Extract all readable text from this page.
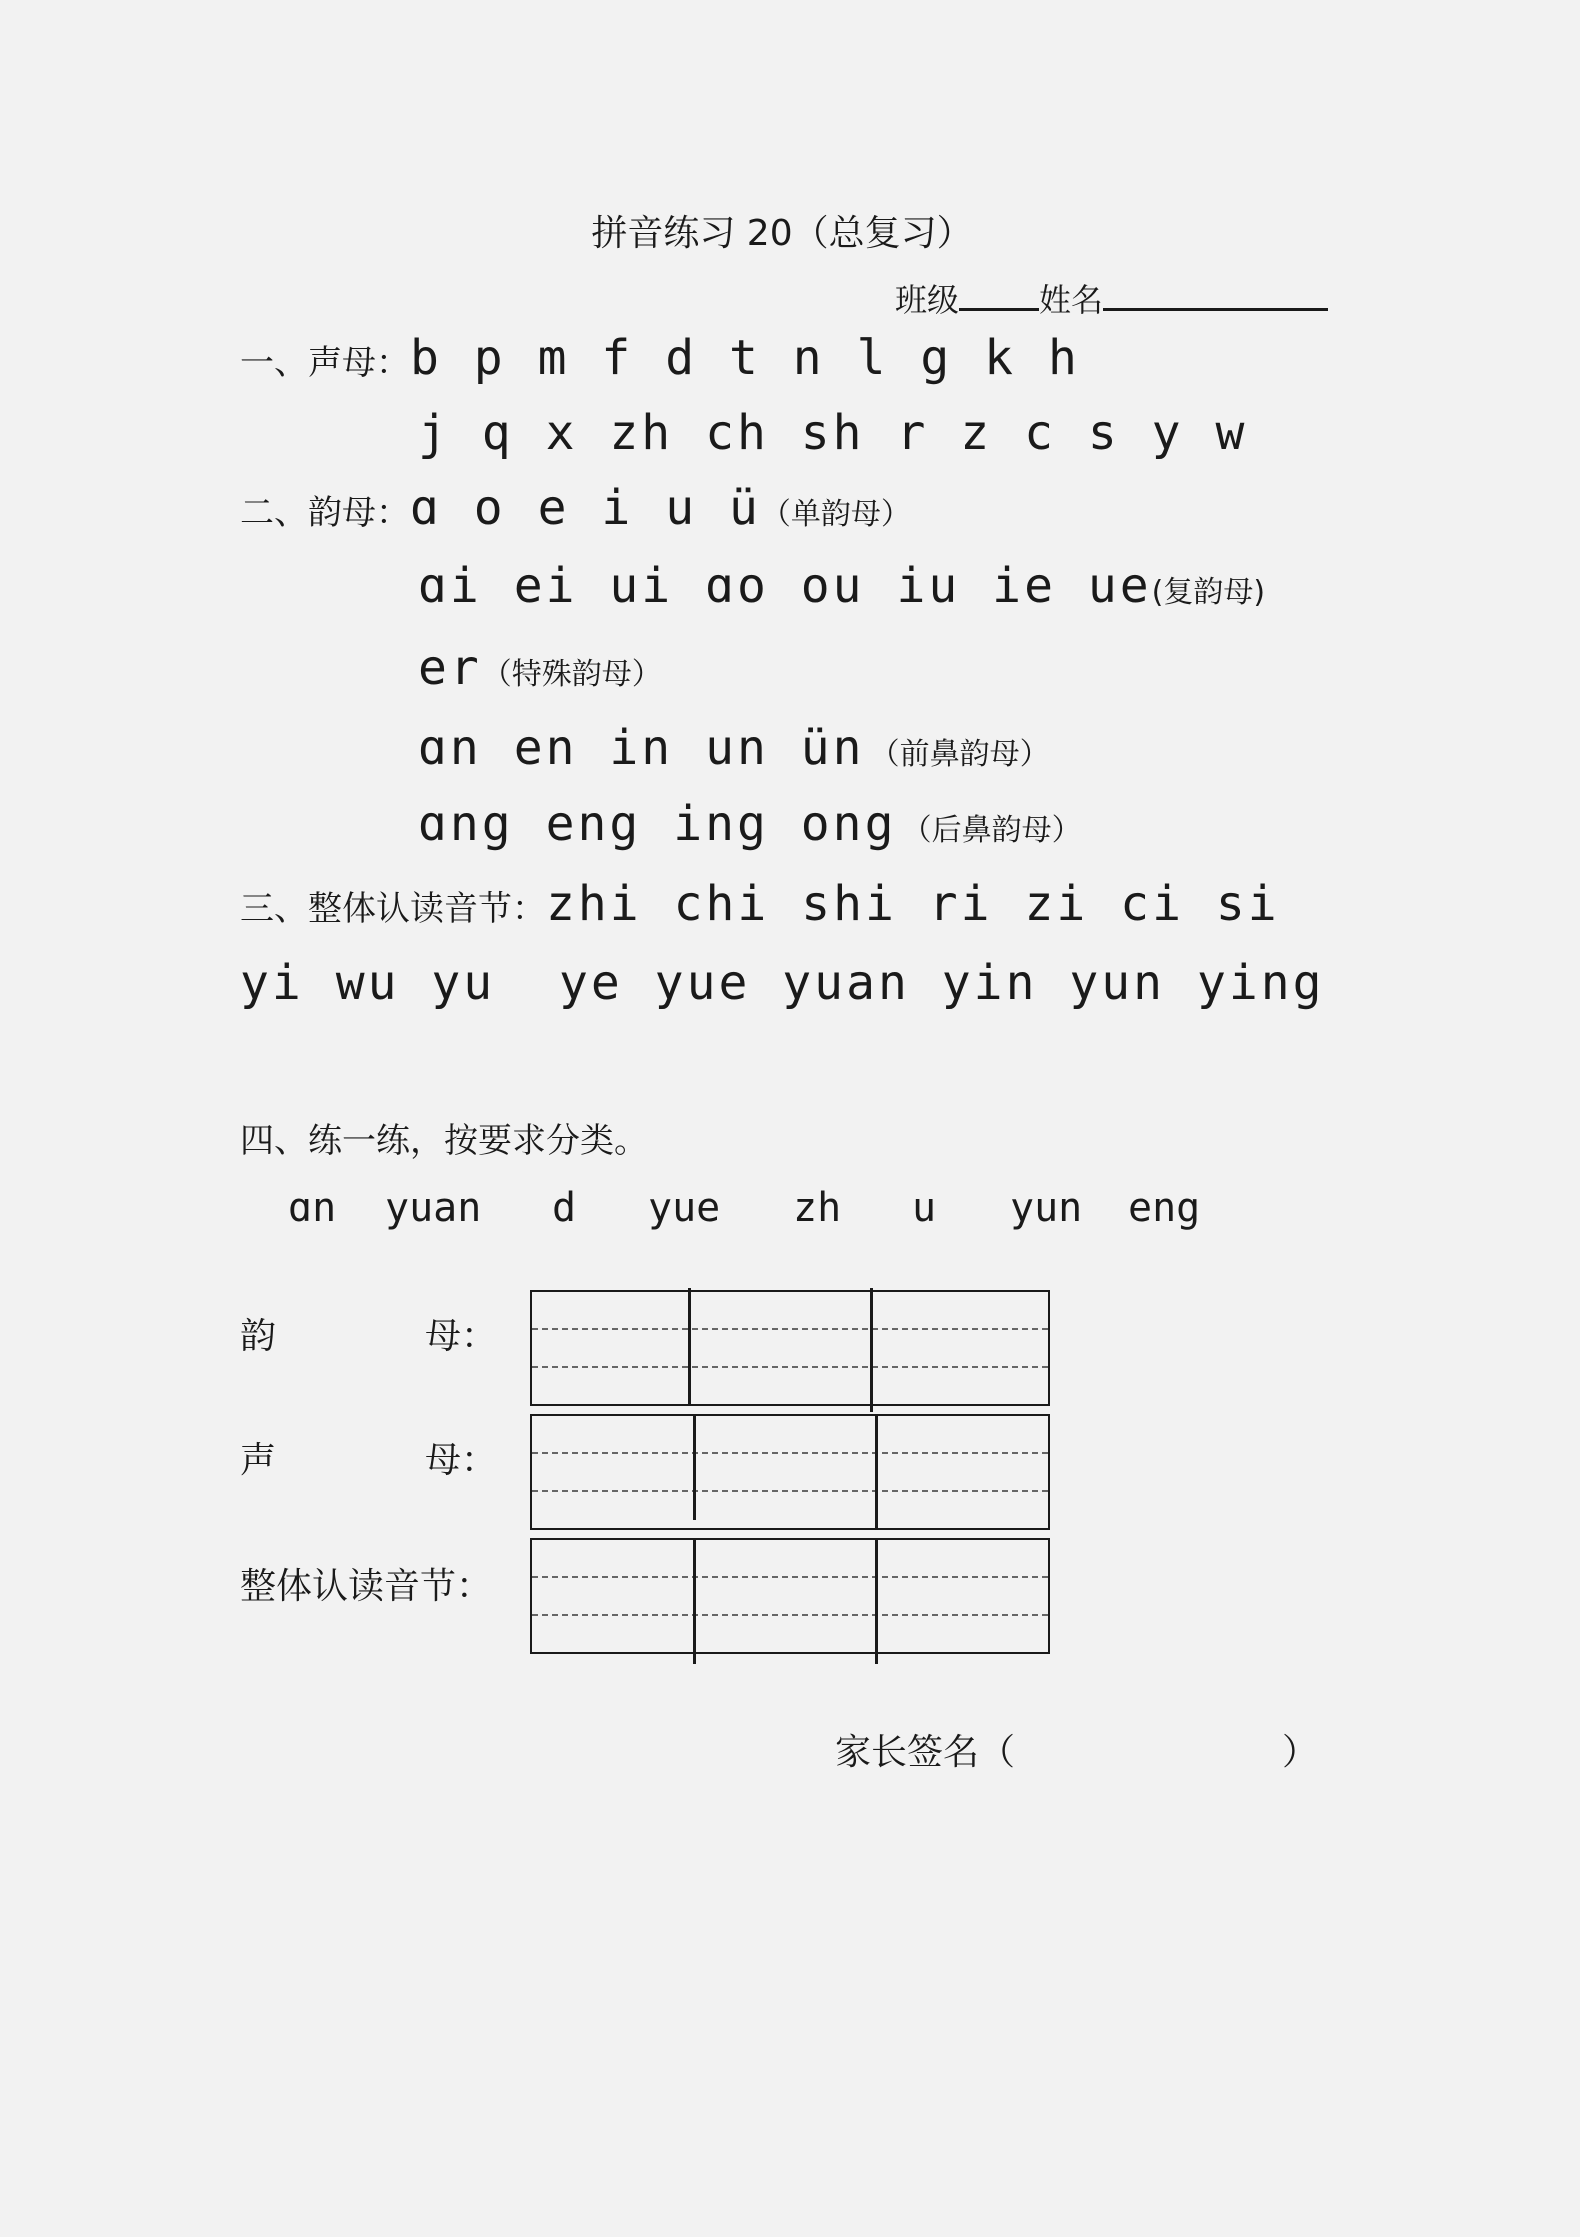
拼音练习 20（总复习）
班级	姓名
一、声母：b p m f d t n l g k h
j q x zh ch sh r z c s y w
二、韵母：ɑ o e i u ü（单韵母）
ɑi ei ui ɑo ou iu ie ue(复韵母)
er（特殊韵母）
ɑn en in un ün （前鼻韵母）
ɑng eng ing ong （后鼻韵母）
三、整体认读音节：zhi chi shi ri zi ci si
yi wu yu  ye yue yuan yin yun ying
四、练一练，按要求分类。
ɑn yuan d yue zh u yun eng
韵	母：
声	母：
整体认读音节：
家长签名（	）
